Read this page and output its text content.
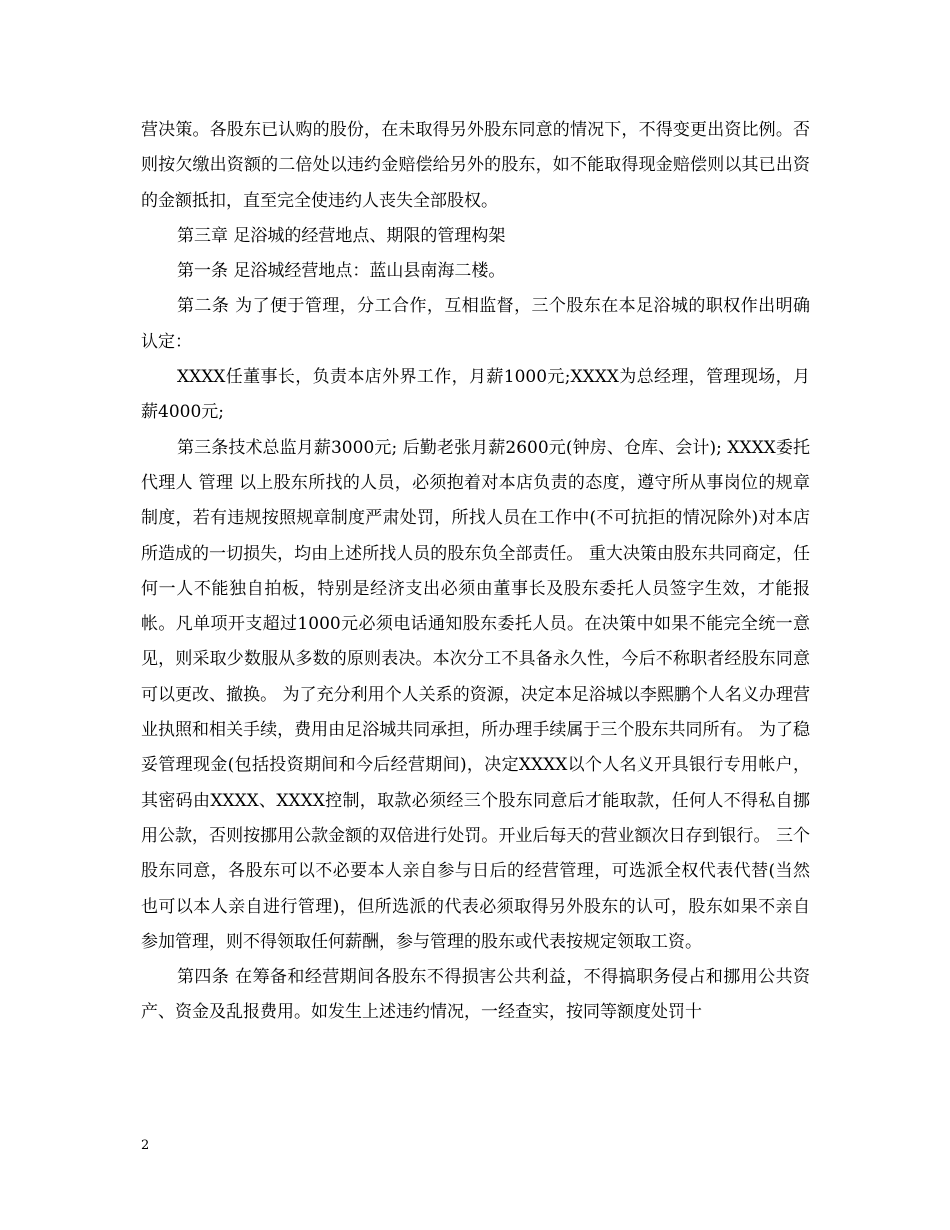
营决策。各股东已认购的股份，在未取得另外股东同意的情况下，不得变更出资比例。否则按欠缴出资额的二倍处以违约金赔偿给另外的股东，如不能取得现金赔偿则以其已出资的金额抵扣，直至完全使违约人丧失全部股权。

第三章 足浴城的经营地点、期限的管理构架

第一条 足浴城经营地点：蓝山县南海二楼。

第二条 为了便于管理，分工合作，互相监督，三个股东在本足浴城的职权作出明确认定：

XXXX任董事长，负责本店外界工作，月薪1000元;XXXX为总经理，管理现场，月薪4000元;

第三条技术总监月薪3000元; 后勤老张月薪2600元(钟房、仓库、会计); XXXX委托代理人 管理 以上股东所找的人员，必须抱着对本店负责的态度，遵守所从事岗位的规章制度，若有违规按照规章制度严肃处罚，所找人员在工作中(不可抗拒的情况除外)对本店所造成的一切损失，均由上述所找人员的股东负全部责任。 重大决策由股东共同商定，任何一人不能独自拍板，特别是经济支出必须由董事长及股东委托人员签字生效，才能报帐。凡单项开支超过1000元必须电话通知股东委托人员。在决策中如果不能完全统一意见，则采取少数服从多数的原则表决。本次分工不具备永久性，今后不称职者经股东同意可以更改、撤换。 为了充分利用个人关系的资源，决定本足浴城以李熙鹏个人名义办理营业执照和相关手续，费用由足浴城共同承担，所办理手续属于三个股东共同所有。 为了稳妥管理现金(包括投资期间和今后经营期间)，决定XXXX以个人名义开具银行专用帐户，其密码由XXXX、XXXX控制，取款必须经三个股东同意后才能取款，任何人不得私自挪用公款，否则按挪用公款金额的双倍进行处罚。开业后每天的营业额次日存到银行。 三个股东同意，各股东可以不必要本人亲自参与日后的经营管理，可选派全权代表代替(当然也可以本人亲自进行管理)，但所选派的代表必须取得另外股东的认可，股东如果不亲自参加管理，则不得领取任何薪酬，参与管理的股东或代表按规定领取工资。

第四条 在筹备和经营期间各股东不得损害公共利益，不得搞职务侵占和挪用公共资产、资金及乱报费用。如发生上述违约情况，一经查实，按同等额度处罚十

2
